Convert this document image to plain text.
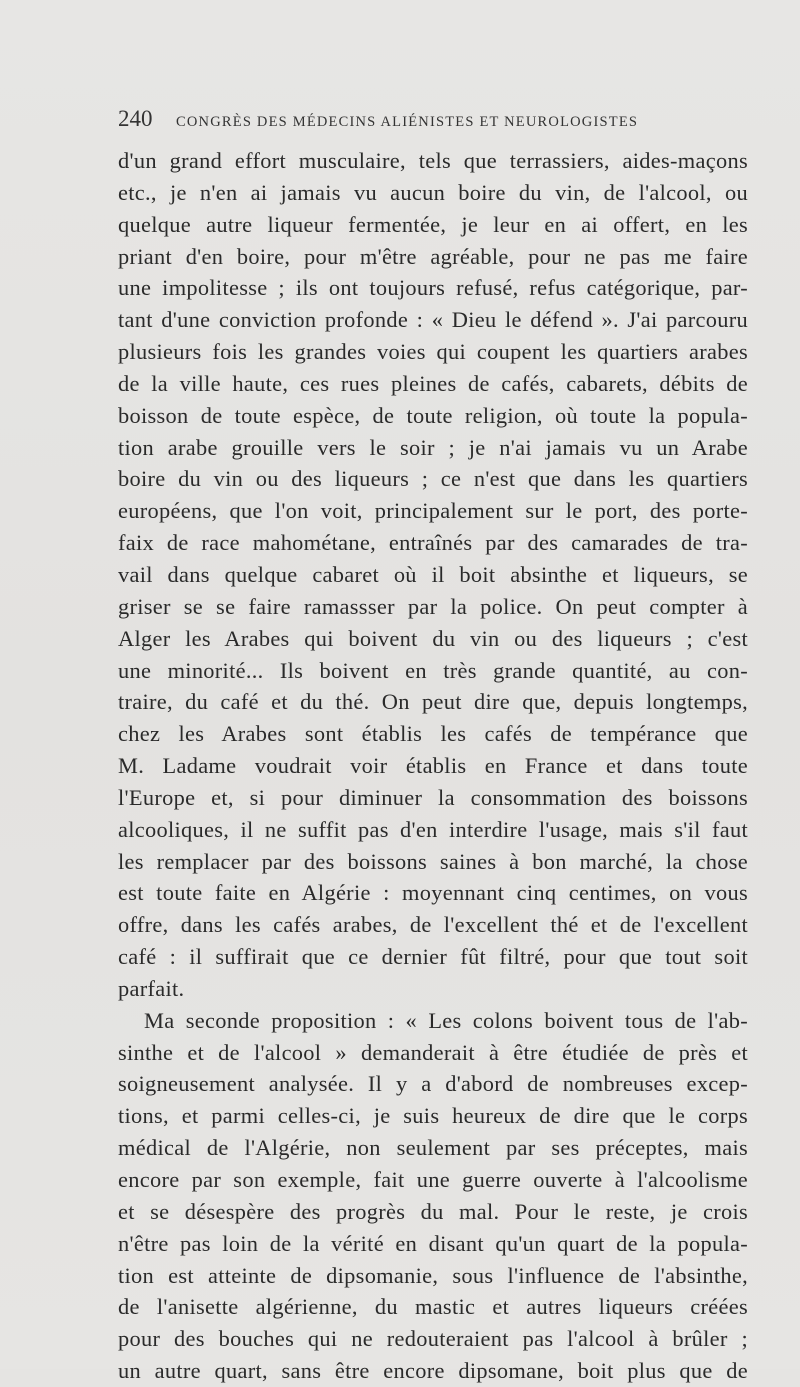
240	CONGRÈS DES MÉDECINS ALIÉNISTES ET NEUROLOGISTES
d'un grand effort musculaire, tels que terrassiers, aides-maçons
etc., je n'en ai jamais vu aucun boire du vin, de l'alcool, ou
quelque autre liqueur fermentée, je leur en ai offert, en les
priant d'en boire, pour m'être agréable, pour ne pas me faire
une impolitesse ; ils ont toujours refusé, refus catégorique, par-
tant d'une conviction profonde : « Dieu le défend ». J'ai parcouru
plusieurs fois les grandes voies qui coupent les quartiers arabes
de la ville haute, ces rues pleines de cafés, cabarets, débits de
boisson de toute espèce, de toute religion, où toute la popula-
tion arabe grouille vers le soir ; je n'ai jamais vu un Arabe
boire du vin ou des liqueurs ; ce n'est que dans les quartiers
européens, que l'on voit, principalement sur le port, des porte-
faix de race mahométane, entraînés par des camarades de tra-
vail dans quelque cabaret où il boit absinthe et liqueurs, se
griser se se faire ramassser par la police. On peut compter à
Alger les Arabes qui boivent du vin ou des liqueurs ; c'est
une minorité... Ils boivent en très grande quantité, au con-
traire, du café et du thé. On peut dire que, depuis longtemps,
chez les Arabes sont établis les cafés de tempérance que
M. Ladame voudrait voir établis en France et dans toute
l'Europe et, si pour diminuer la consommation des boissons
alcooliques, il ne suffit pas d'en interdire l'usage, mais s'il faut
les remplacer par des boissons saines à bon marché, la chose
est toute faite en Algérie : moyennant cinq centimes, on vous
offre, dans les cafés arabes, de l'excellent thé et de l'excellent
café : il suffirait que ce dernier fût filtré, pour que tout soit
parfait.
Ma seconde proposition : « Les colons boivent tous de l'ab-
sinthe et de l'alcool » demanderait à être étudiée de près et
soigneusement analysée. Il y a d'abord de nombreuses excep-
tions, et parmi celles-ci, je suis heureux de dire que le corps
médical de l'Algérie, non seulement par ses préceptes, mais
encore par son exemple, fait une guerre ouverte à l'alcoolisme
et se désespère des progrès du mal. Pour le reste, je crois
n'être pas loin de la vérité en disant qu'un quart de la popula-
tion est atteinte de dipsomanie, sous l'influence de l'absinthe,
de l'anisette algérienne, du mastic et autres liqueurs créées
pour des bouches qui ne redouteraient pas l'alcool à brûler ;
un autre quart, sans être encore dipsomane, boit plus que de
